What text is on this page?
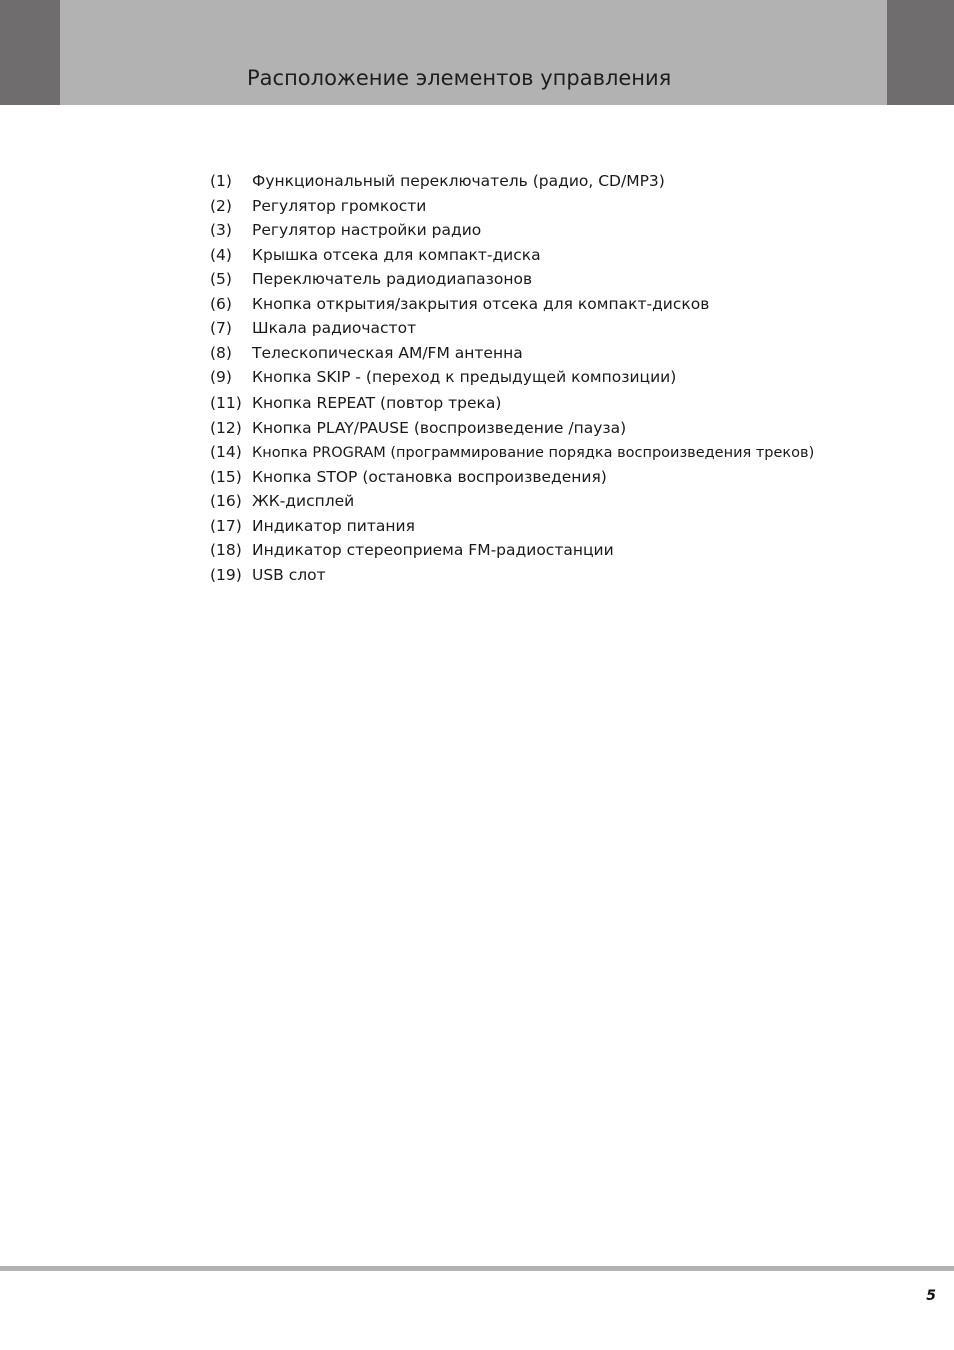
Расположение элементов управления
(1) Функциональный переключатель (радио, CD/MP3)
(2) Регулятор громкости
(3) Регулятор настройки радио
(4) Крышка отсека для компакт-диска
(5) Переключатель радиодиапазонов
(6) Кнопка открытия/закрытия отсека для компакт-дисков
(7) Шкала радиочастот
(8) Телескопическая AM/FM антенна
(9) Кнопка SKIP - (переход к предыдущей композиции)
(11) Кнопка REPEAT (повтор трека)
(12) Кнопка PLAY/PAUSE (воспроизведение /пауза)
(14) Кнопка PROGRAM (программирование порядка воспроизведения треков)
(15) Кнопка STOP (остановка воспроизведения)
(16) ЖК-дисплей
(17) Индикатор питания
(18) Индикатор стереоприема FM-радиостанции
(19) USB слот
5
